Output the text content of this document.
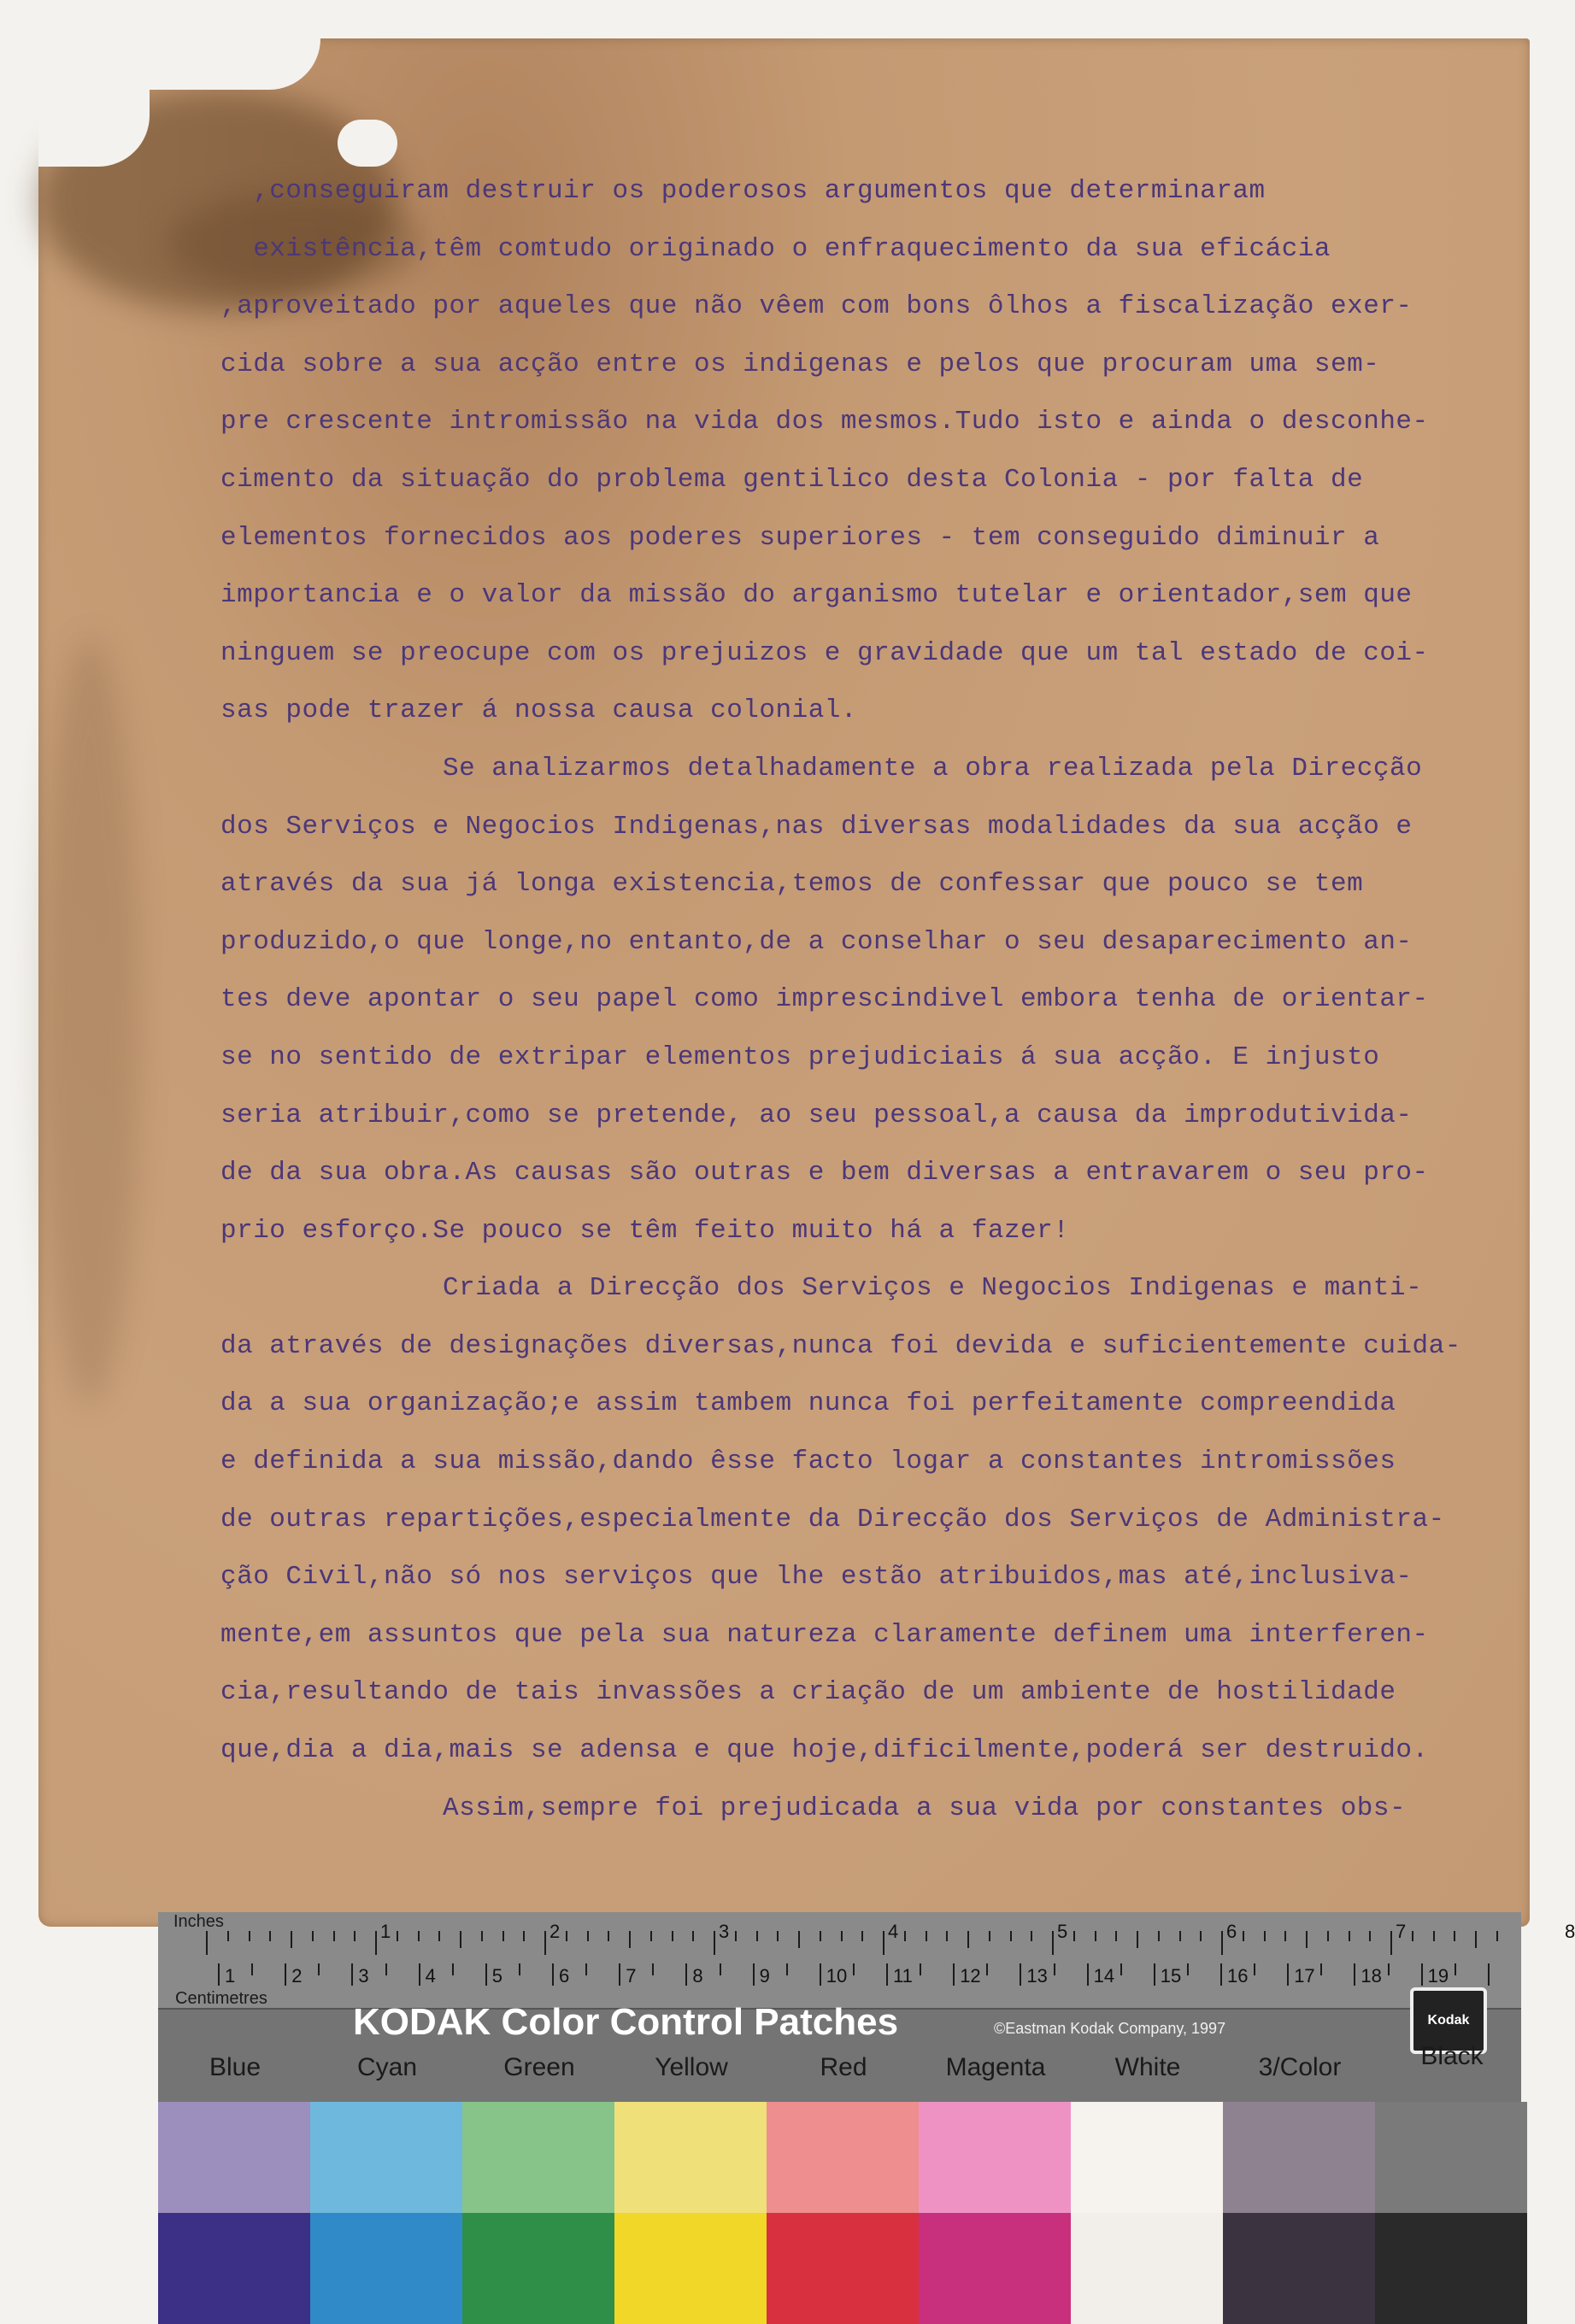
,conseguiram destruir os poderosos argumentos que determinaram
existência,têm comtudo originado o enfraquecimento da sua eficácia
,aproveitado por aqueles que não vêem com bons ôlhos a fiscalização exer-
cida sobre a sua acção entre os indigenas e pelos que procuram uma sem-
pre crescente intromissão na vida dos mesmos.Tudo isto e ainda o desconhe-
cimento da situação do problema gentilico desta Colonia - por falta de
elementos fornecidos aos poderes superiores - tem conseguido diminuir a
importancia e o valor da missão do arganismo tutelar e orientador,sem que
ninguem se preocupe com os prejuizos e gravidade que um tal estado de coi-
sas pode trazer á nossa causa colonial.
Se analizarmos detalhadamente a obra realizada pela Direcção
dos Serviços e Negocios Indigenas,nas diversas modalidades da sua acção e
através da sua já longa existencia,temos de confessar que pouco se tem
produzido,o que longe,no entanto,de a conselhar o seu desaparecimento an-
tes deve apontar o seu papel como imprescindivel embora tenha de orientar-
se no sentido de extripar elementos prejudiciais á sua acção. E injusto
seria atribuir,como se pretende, ao seu pessoal,a causa da improdutivida-
de da sua obra.As causas são outras e bem diversas a entravarem o seu pro-
prio esforço.Se pouco se têm feito muito há a fazer!
Criada a Direcção dos Serviços e Negocios Indigenas e manti-
da através de designações diversas,nunca foi devida e suficientemente cuida-
da a sua organização;e assim tambem nunca foi perfeitamente compreendida
e definida a sua missão,dando êsse facto logar a constantes intromissões
de outras repartições,especialmente da Direcção dos Serviços de Administra-
ção Civil,não só nos serviços que lhe estão atribuidos,mas até,inclusiva-
mente,em assuntos que pela sua natureza claramente definem uma interferen-
cia,resultando de tais invassões a criação de um ambiente de hostilidade
que,dia a dia,mais se adensa e que hoje,dificilmente,poderá ser destruido.
Assim,sempre foi prejudicada a sua vida por constantes obs-
Inches
Centimetres
1	2	3	4	5	6	7	8
1	2	3	4	5	6	7	8	9	10 11	12 13 14 15 16 17 18 19
KODAK Color Control Patches	©Eastman Kodak Company, 1997	Kodak
Blue	Cyan	Green	Yellow	Red	Magenta	White	3/Color	Black
